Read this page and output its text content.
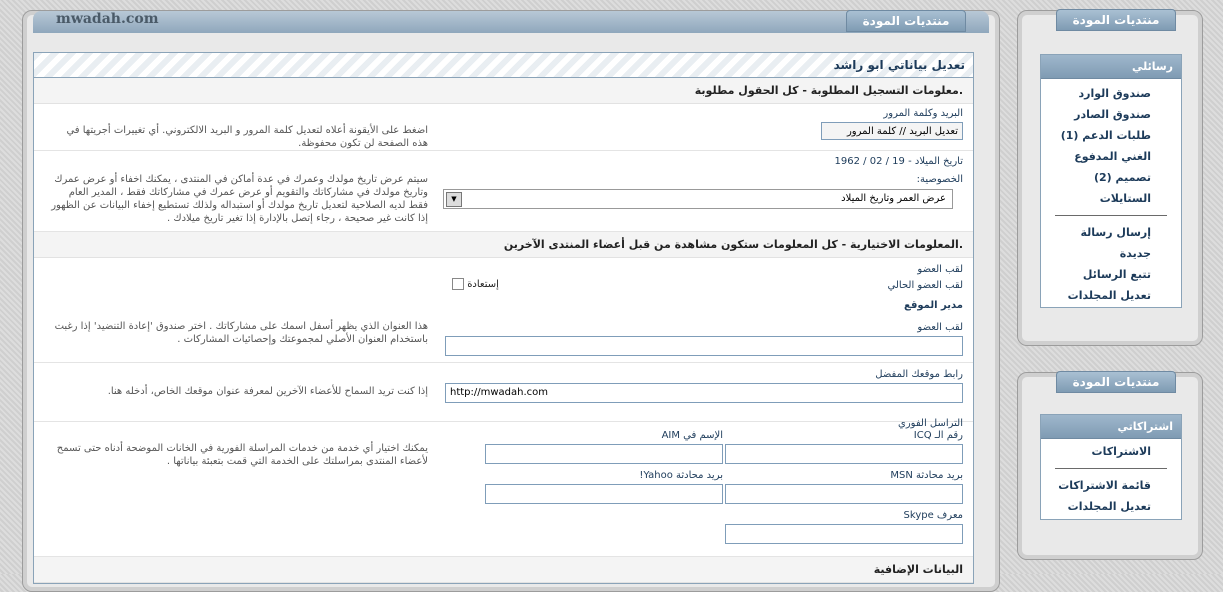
mwadah.com	منتديات المودة
تعديل بياناتي ابو راشد
معلومات التسجيل المطلوبة - كل الحقول مطلوبة.
البريد وكلمة المرور
تعديل البريد // كلمة المرور
اضغط على الأيقونة أعلاه لتعديل كلمة المرور و البريد الالكتروني. أي تغييرات أجريتها في هذه الصفحة لن تكون محفوظة.
تاريخ الميلاد - 19 / 02 / 1962
الخصوصية:
عرض العمر وتاريخ الميلاد
▼
سيتم عرض تاريخ مولدك وعمرك في عدة أماكن في المنتدى ، يمكنك اخفاء أو عرض عمرك وتاريخ مولدك في مشاركاتك والتقويم أو عرض عمرك في مشاركاتك فقط ، المدير العام فقط لديه الصلاحية لتعديل تاريخ مولدك أو استبداله ولذلك تستطيع إخفاء البيانات عن الظهور إذا كانت غير صحيحة ، رجاء إتصل بالإدارة إذا تغير تاريخ ميلادك .
المعلومات الاختيارية - كل المعلومات ستكون مشاهدة من قبل أعضاء المنتدى الآخرين.
لقب العضو
لقب العضو الحالي
مدير الموقع
إستعادة
لقب العضو
هذا العنوان الذي يظهر أسفل اسمك على مشاركاتك . اختر صندوق 'إعادة التنضيد' إذا رغبت باستخدام العنوان الأصلي لمجموعتك وإحصائيات المشاركات .
رابط موقعك المفضل
http://mwadah.com
إذا كنت تريد السماح للأعضاء الآخرين لمعرفة عنوان موقعك الخاص، أدخله هنا.
التراسل الفوري
رقم الـ ICQ
الإسم في AIM
بريد محادثة MSN
بريد محادثة Yahoo!
معرف Skype
يمكنك اختيار أي خدمة من خدمات المراسلة الفورية في الخانات الموضحة أدناه حتى تسمح لأعضاء المنتدى بمراسلتك على الخدمة التي قمت بتعبئة بياناتها .
البيانات الإضافية
منتديات المودة
رسائلي
صندوق الوارد
صندوق الصادر
(1) طلبات الدعم
الغني المدفوع
(2) تصميم
الستايلات
إرسال رسالة
جديدة
تتبع الرسائل
تعديل المجلدات
منتديات المودة
اشتراكاتي
الاشتراكات
قائمة الاشتراكات
تعديل المجلدات
